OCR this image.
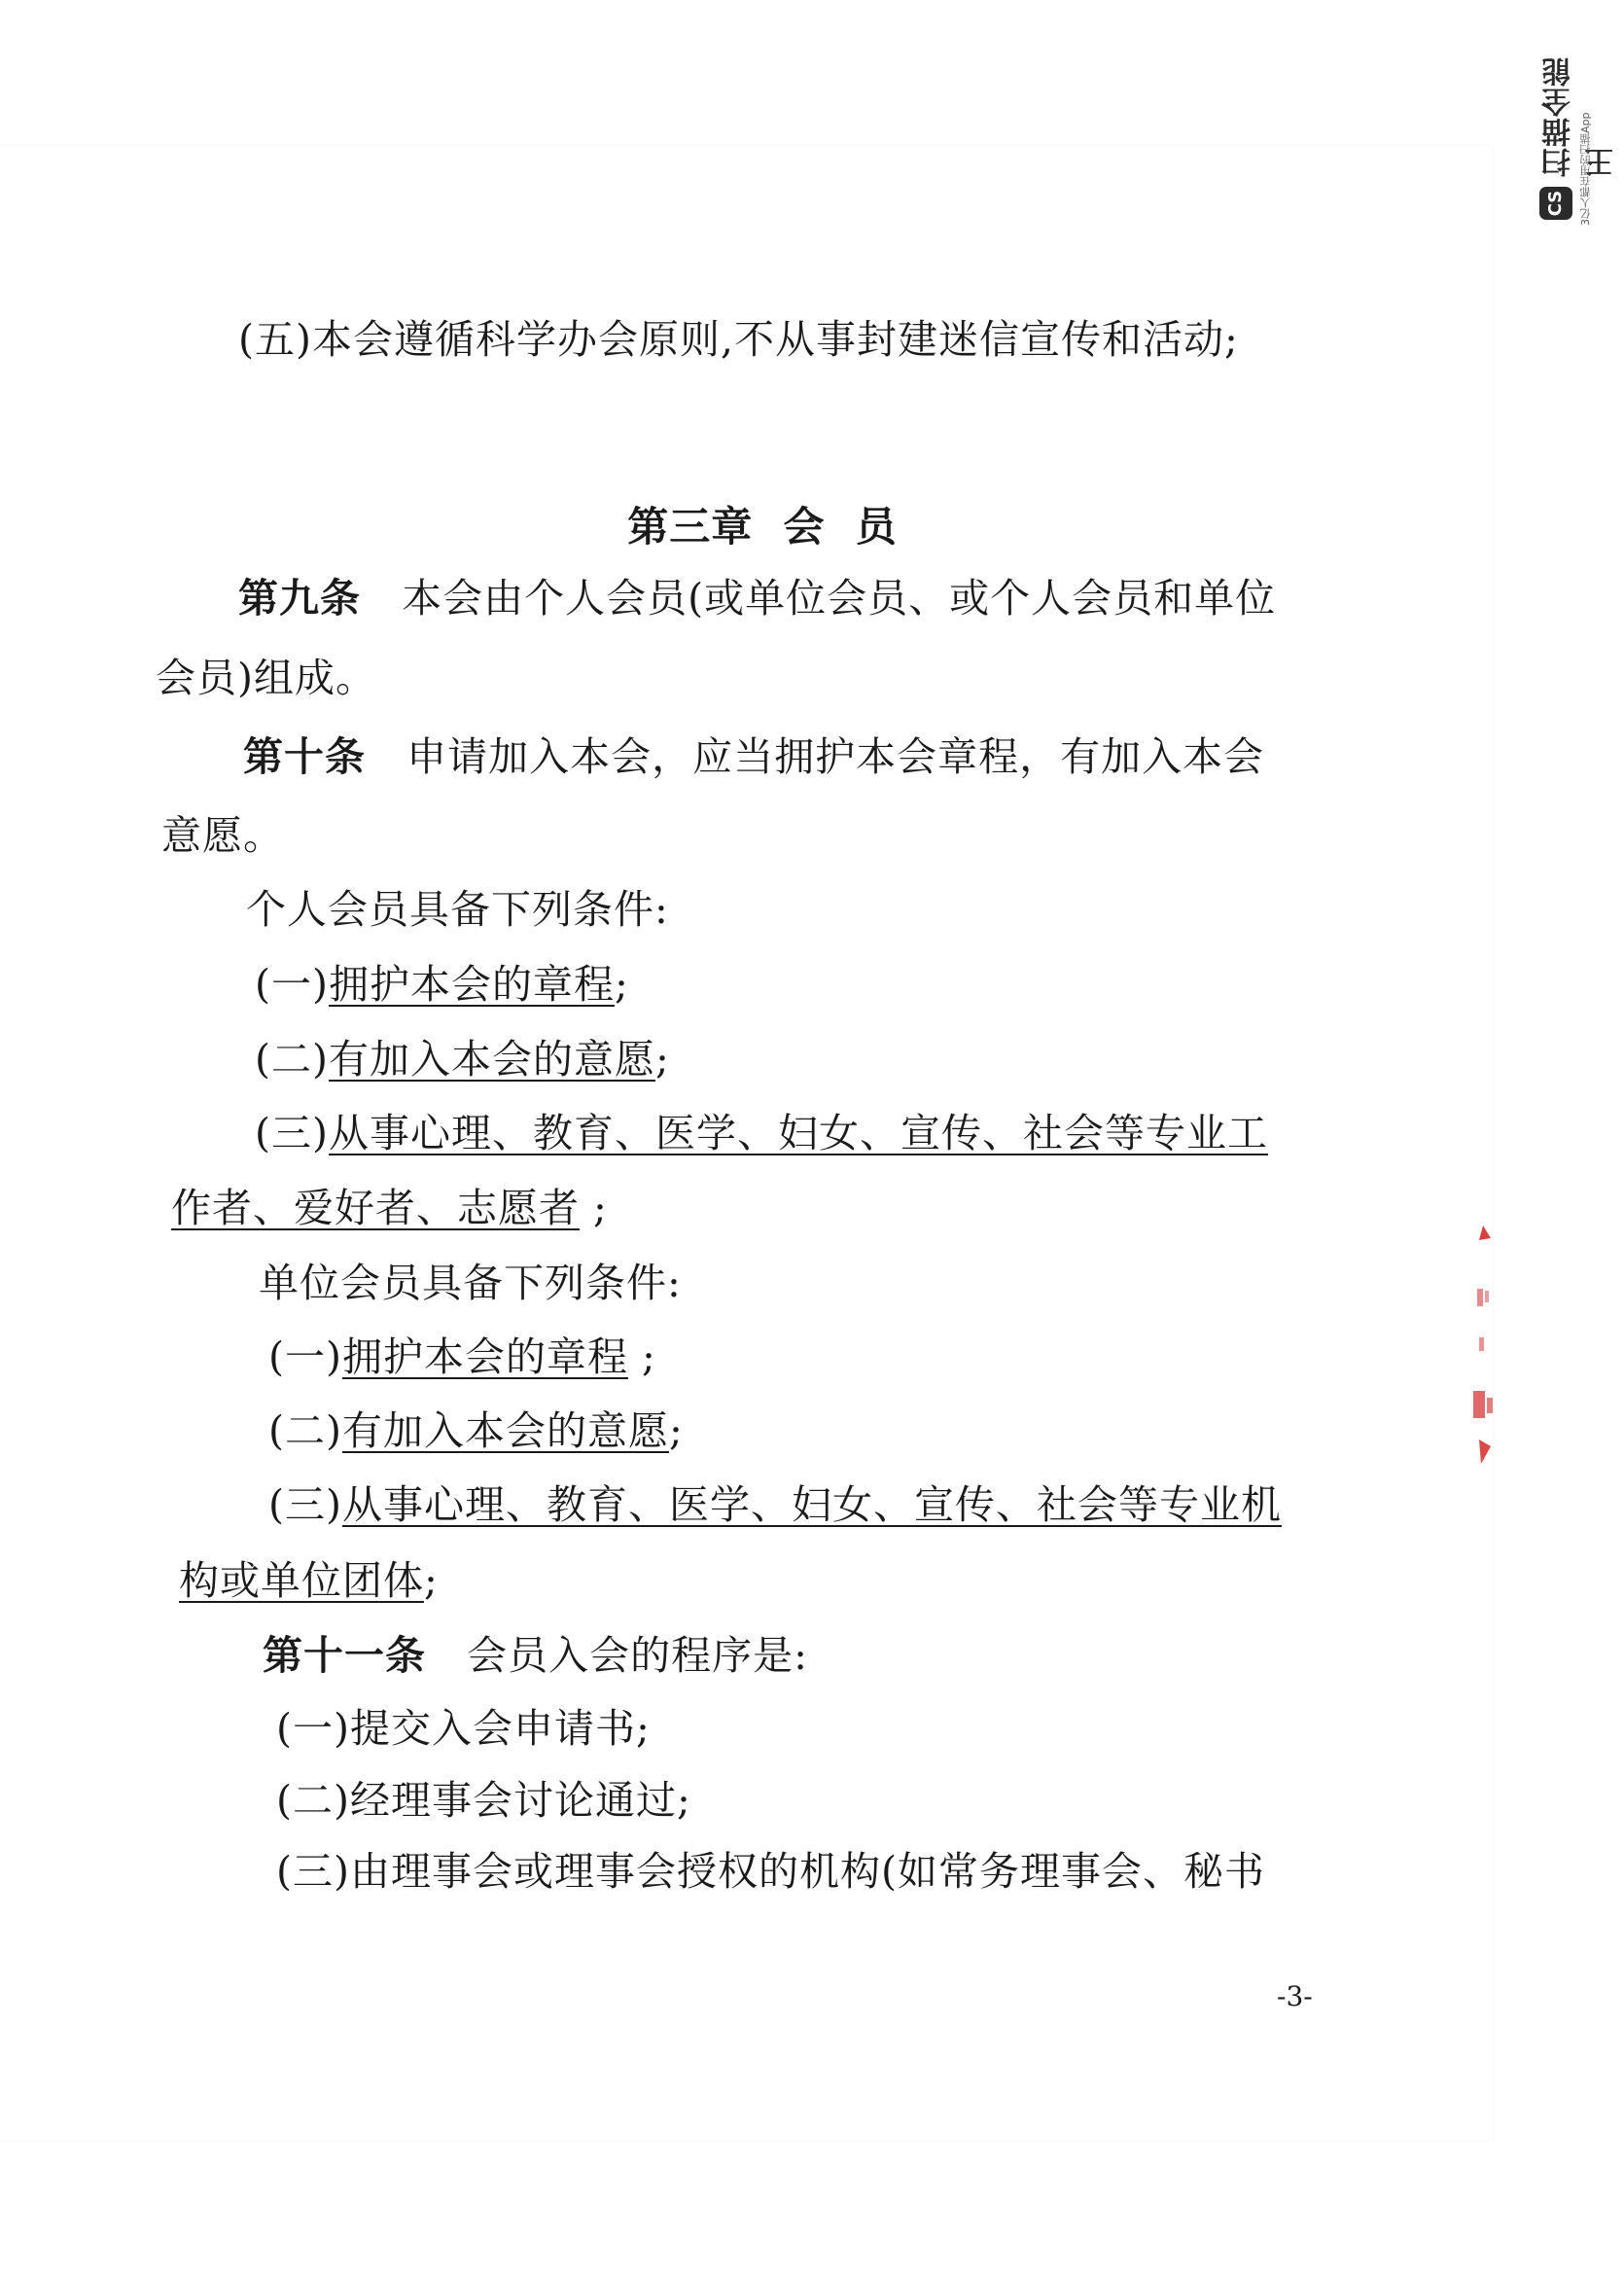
扫描全能王
3亿人都在用的扫描App
CS
(五)本会遵循科学办会原则,不从事封建迷信宣传和活动;

第三章  会  员

第九条 本会由个人会员(或单位会员、或个人会员和单位
会员)组成。
第十条 申请加入本会，应当拥护本会章程，有加入本会
意愿。
个人会员具备下列条件:
(一)拥护本会的章程;
(二)有加入本会的意愿;
(三)从事心理、教育、医学、妇女、宣传、社会等专业工
作者、爱好者、志愿者 ;
单位会员具备下列条件:
(一)拥护本会的章程 ;
(二)有加入本会的意愿;
(三)从事心理、教育、医学、妇女、宣传、社会等专业机
构或单位团体;
第十一条 会员入会的程序是:
(一)提交入会申请书;
(二)经理事会讨论通过;
(三)由理事会或理事会授权的机构(如常务理事会、秘书
-3-
